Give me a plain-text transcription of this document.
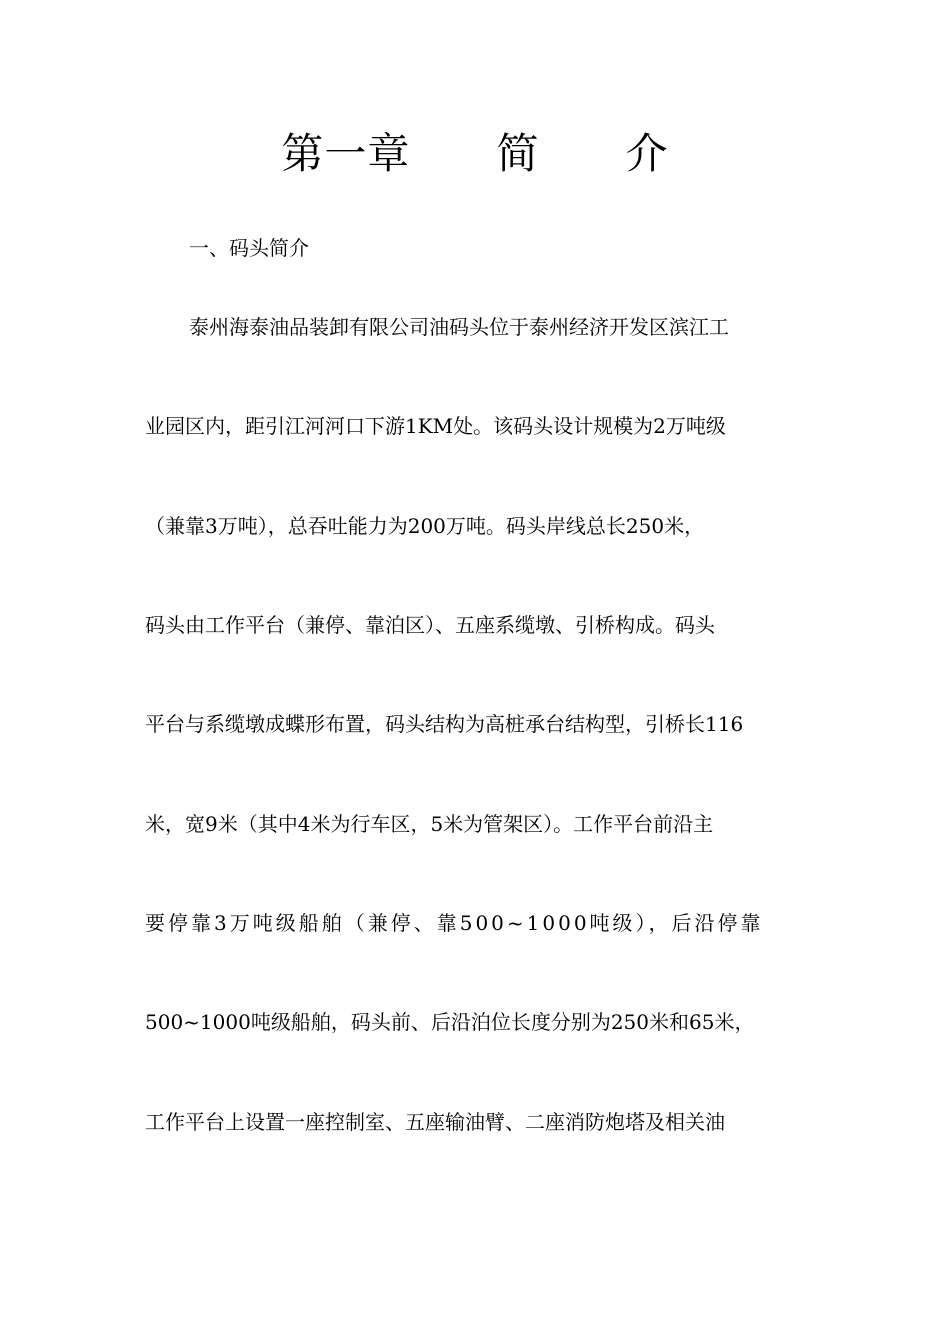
第一章      简      介
一、码头简介
泰州海泰油品装卸有限公司油码头位于泰州经济开发区滨江工
业园区内，距引江河河口下游1KM处。该码头设计规模为2万吨级
（兼靠3万吨），总吞吐能力为200万吨。码头岸线总长250米，
码头由工作平台（兼停、靠泊区）、五座系缆墩、引桥构成。码头
平台与系缆墩成蝶形布置，码头结构为高桩承台结构型，引桥长116
米，宽9米（其中4米为行车区，5米为管架区）。工作平台前沿主
要停靠3万吨级船舶（兼停、靠500~1000吨级），后沿停靠
500~1000吨级船舶，码头前、后沿泊位长度分别为250米和65米，
工作平台上设置一座控制室、五座输油臂、二座消防炮塔及相关油
